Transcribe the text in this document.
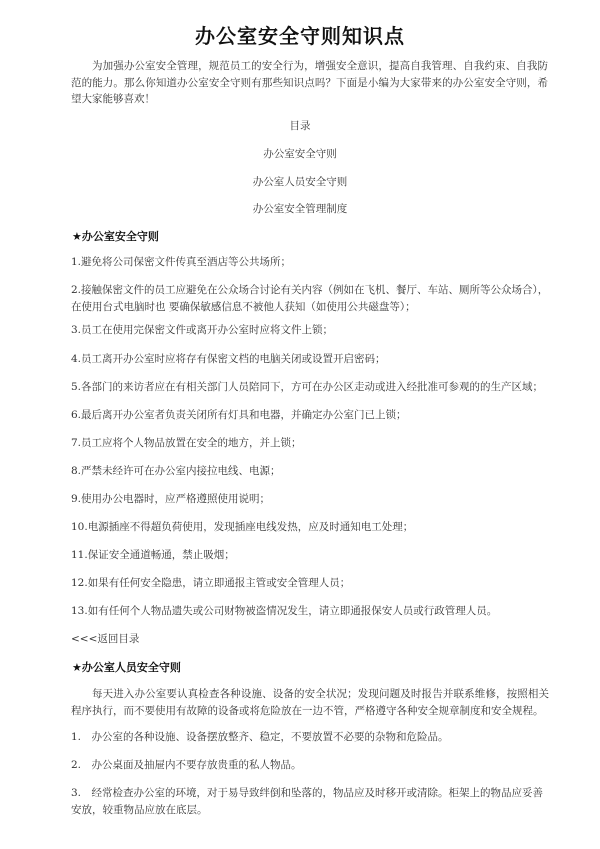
办公室安全守则知识点
为加强办公室安全管理，规范员工的安全行为，增强安全意识，提高自我管理、自我约束、自我防范的能力。那么你知道办公室安全守则有那些知识点吗？下面是小编为大家带来的办公室安全守则，希望大家能够喜欢！
目录
办公室安全守则
办公室人员安全守则
办公室安全管理制度
★办公室安全守则
1.避免将公司保密文件传真至酒店等公共场所；
2.接触保密文件的员工应避免在公众场合讨论有关内容（例如在飞机、餐厅、车站、厕所等公众场合），在使用台式电脑时也 要确保敏感信息不被他人获知（如使用公共磁盘等）；
3.员工在使用完保密文件或离开办公室时应将文件上锁；
4.员工离开办公室时应将存有保密文档的电脑关闭或设置开启密码；
5.各部门的来访者应在有相关部门人员陪同下，方可在办公区走动或进入经批准可参观的的生产区域；
6.最后离开办公室者负责关闭所有灯具和电器，并确定办公室门已上锁；
7.员工应将个人物品放置在安全的地方，并上锁；
8.严禁未经许可在办公室内接拉电线、电源；
9.使用办公电器时，应严格遵照使用说明；
10.电源插座不得超负荷使用，发现插座电线发热，应及时通知电工处理；
11.保证安全通道畅通，禁止吸烟；
12.如果有任何安全隐患，请立即通报主管或安全管理人员；
13.如有任何个人物品遗失或公司财物被盗情况发生，请立即通报保安人员或行政管理人员。
<<<返回目录
★办公室人员安全守则
每天进入办公室要认真检查各种设施、设备的安全状况；发现问题及时报告并联系维修，按照相关程序执行，而不要使用有故障的设备或将危险放在一边不管，严格遵守各种安全规章制度和安全规程。
1.　办公室的各种设施、设备摆放整齐、稳定，不要放置不必要的杂物和危险品。
2.　办公桌面及抽屉内不要存放贵重的私人物品。
3.　经常检查办公室的环境，对于易导致绊倒和坠落的，物品应及时移开或清除。柜架上的物品应妥善安放，较重物品应放在底层。
